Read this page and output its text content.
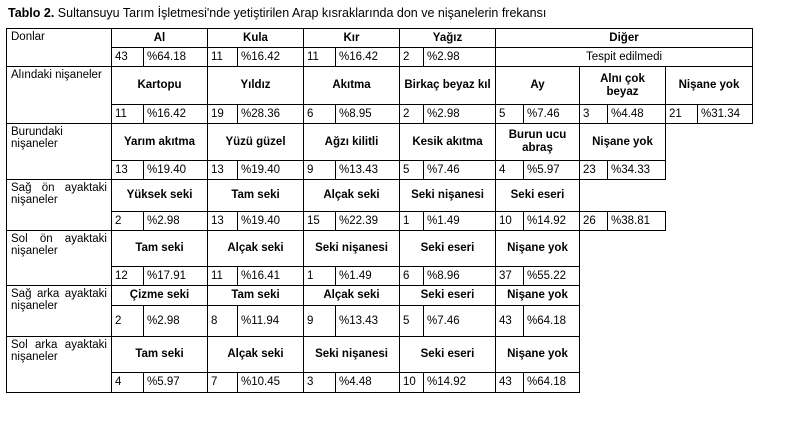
Tablo 2. Sultansuyu Tarım İşletmesi'nde yetiştirilen Arap kısraklarında don ve nişanelerin frekansı
Donlar	Al		Kula		Kır		Yağız		Diğer					
	43	%64.18	11	%16.42	11	%16.42	2	%2.98	Tespit edilmedi					
Alındaki nişaneler	Kartopu		Yıldız		Akıtma		Birkaç beyaz kıl		Ay		Alnı çok beyaz		Nişane yok	
	11	%16.42	19	%28.36	6	%8.95	2	%2.98	5	%7.46	3	%4.48	21	%31.34
Burundaki nişaneler	Yarım akıtma		Yüzü güzel		Ağzı kilitli		Kesik akıtma		Burun ucu abraş		Nişane yok			
	13	%19.40	13	%19.40	9	%13.43	5	%7.46	4	%5.97	23	%34.33		
Sağ ön ayaktaki nişaneler	Yüksek seki		Tam seki		Alçak seki		Seki nişanesi		Seki eseri					
	2	%2.98	13	%19.40	15	%22.39	1	%1.49	10	%14.92	26	%38.81		
Sol ön ayaktaki nişaneler	Tam seki		Alçak seki		Seki nişanesi		Seki eseri		Nişane yok					
	12	%17.91	11	%16.41	1	%1.49	6	%8.96	37	%55.22				
Sağ arka ayaktaki nişaneler	Çizme seki		Tam seki		Alçak seki		Seki eseri		Nişane yok					
	2	%2.98	8	%11.94	9	%13.43	5	%7.46	43	%64.18				
Sol arka ayaktaki nişaneler	Tam seki		Alçak seki		Seki nişanesi		Seki eseri		Nişane yok					
	4	%5.97	7	%10.45	3	%4.48	10	%14.92	43	%64.18				
